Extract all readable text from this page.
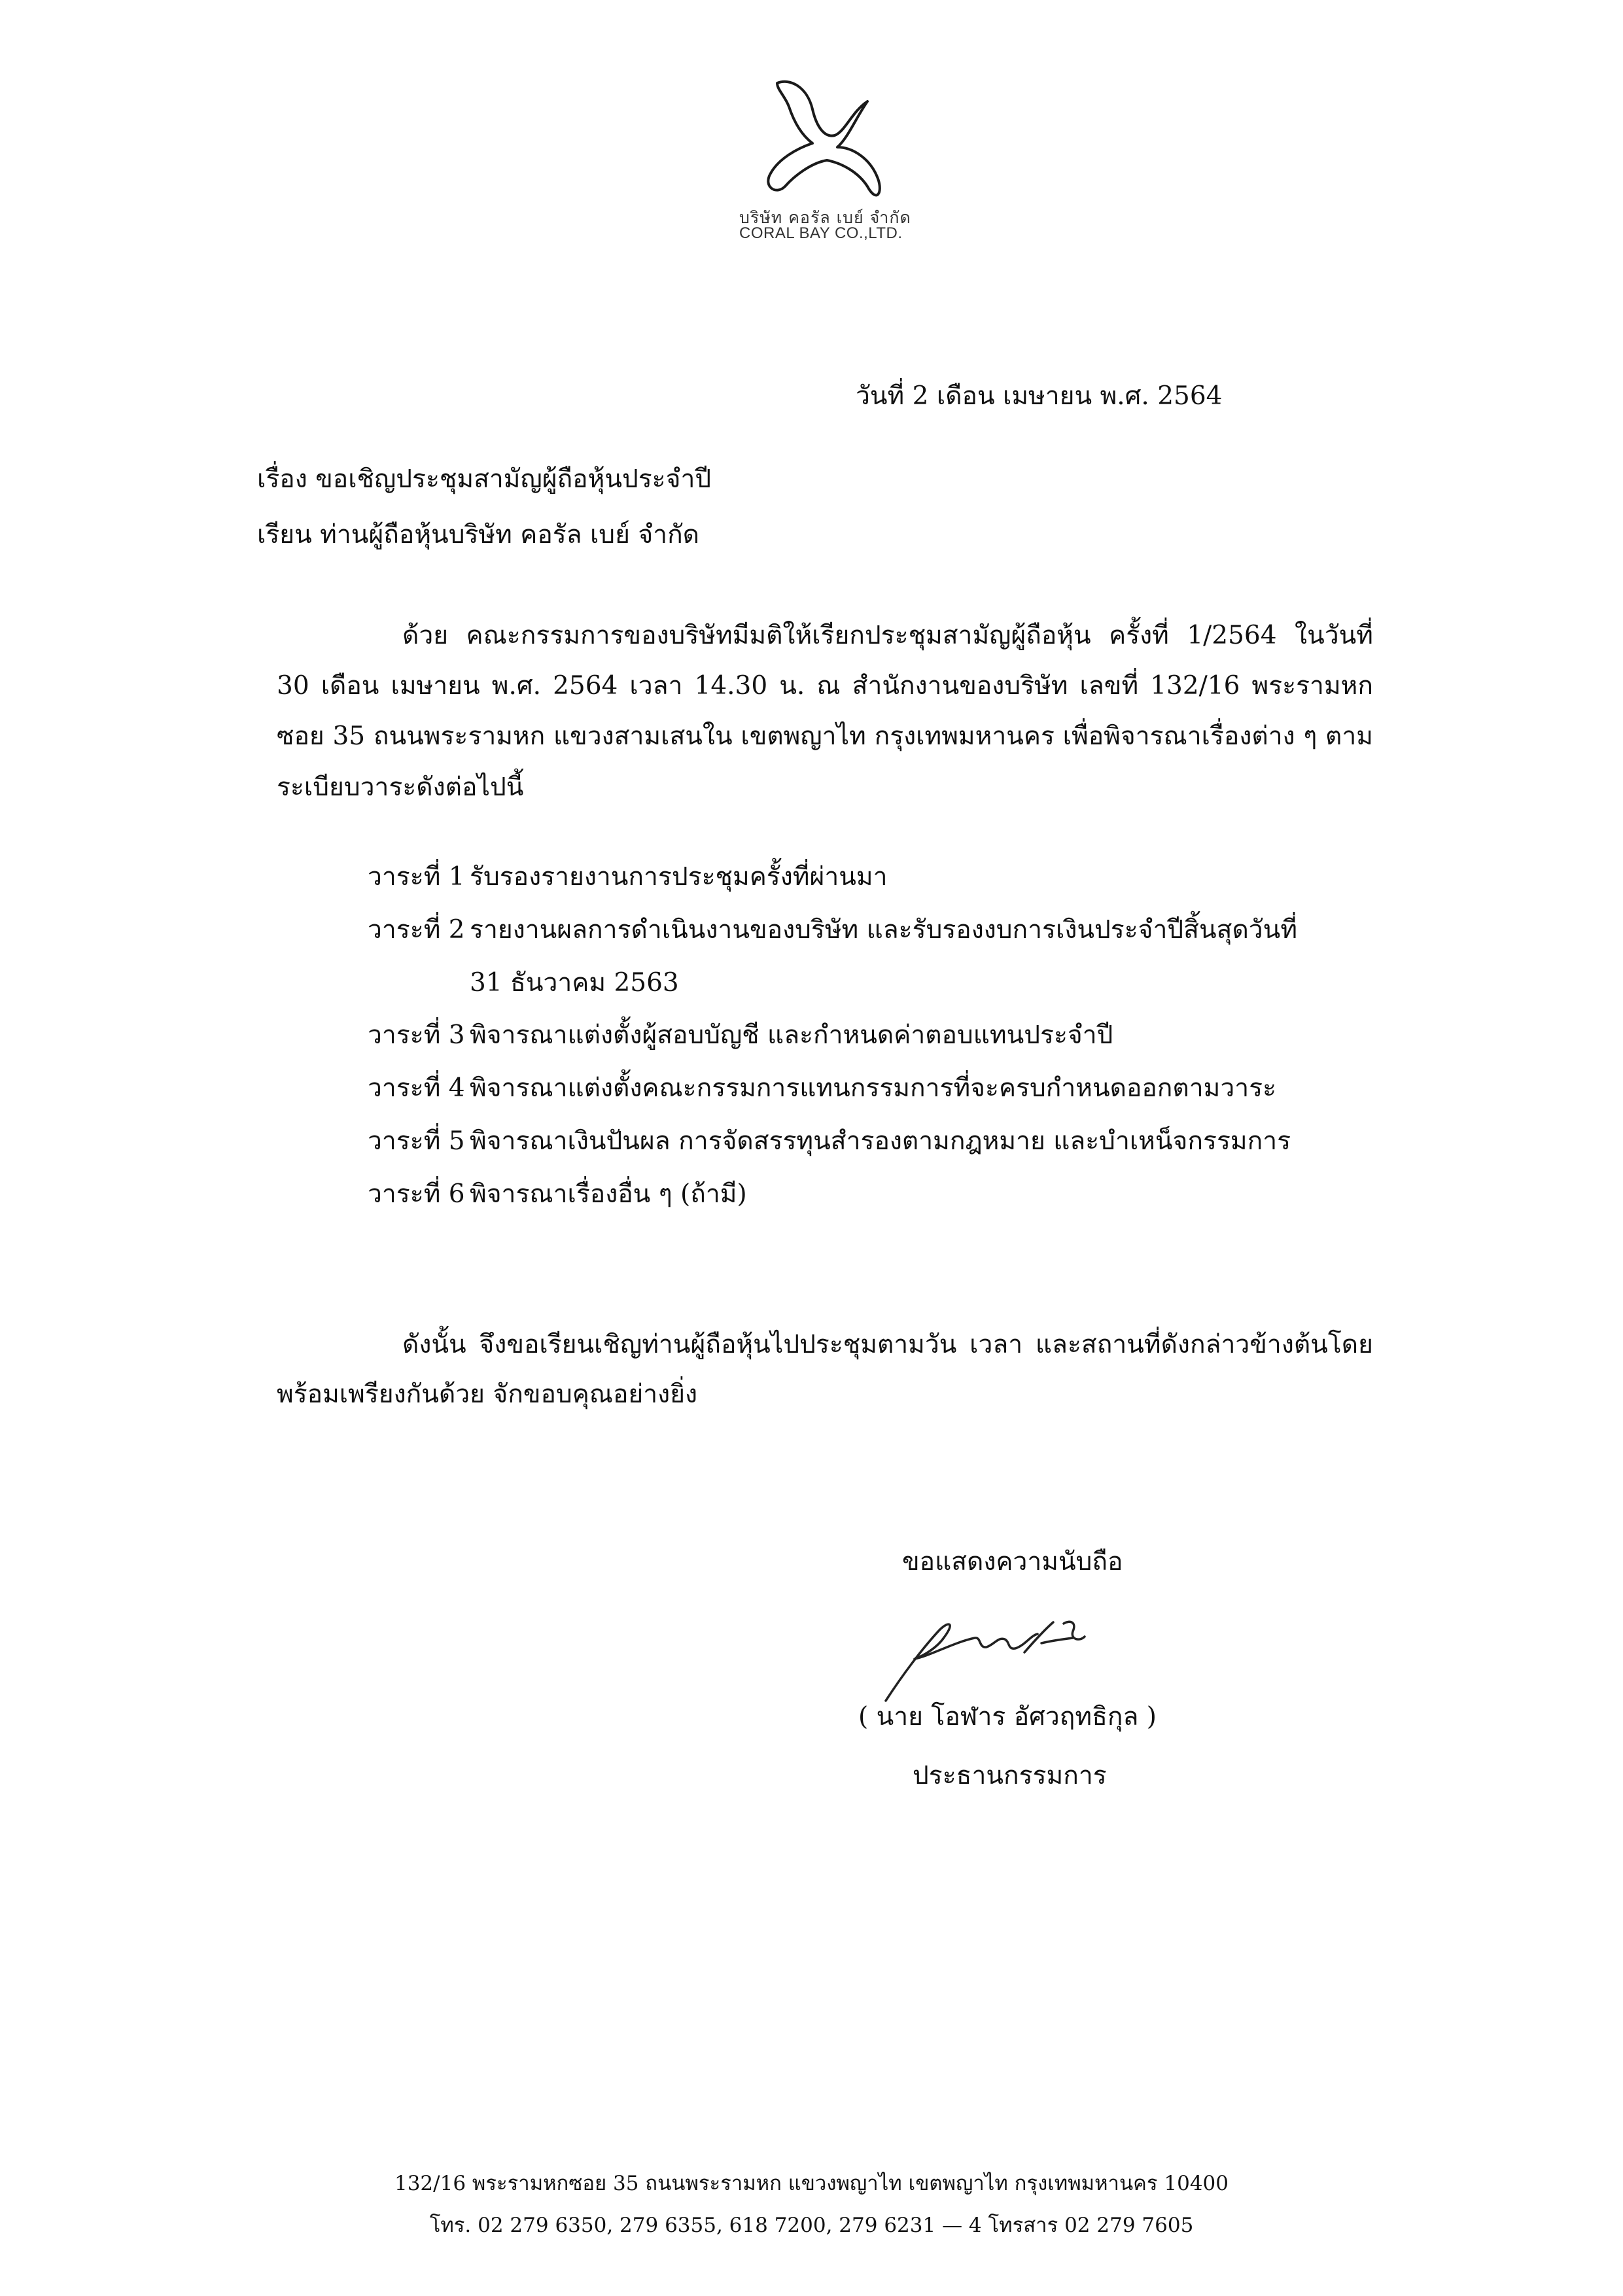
บริษัท คอรัล เบย์ จำกัด
CORAL BAY CO.,LTD.
วันที่ 2 เดือน เมษายน พ.ศ. 2564
เรื่อง ขอเชิญประชุมสามัญผู้ถือหุ้นประจำปี
เรียน ท่านผู้ถือหุ้นบริษัท คอรัล เบย์ จำกัด
ด้วย คณะกรรมการของบริษัทมีมติให้เรียกประชุมสามัญผู้ถือหุ้น ครั้งที่ 1/2564 ในวันที่ 30 เดือน เมษายน พ.ศ. 2564 เวลา 14.30 น. ณ สำนักงานของบริษัท เลขที่ 132/16 พระรามหก ซอย 35 ถนนพระรามหก แขวงสามเสนใน เขตพญาไท กรุงเทพมหานคร เพื่อพิจารณาเรื่องต่าง ๆ ตามระเบียบวาระดังต่อไปนี้
วาระที่ 1 รับรองรายงานการประชุมครั้งที่ผ่านมา
วาระที่ 2 รายงานผลการดำเนินงานของบริษัท และรับรองงบการเงินประจำปีสิ้นสุดวันที่
31 ธันวาคม 2563
วาระที่ 3 พิจารณาแต่งตั้งผู้สอบบัญชี และกำหนดค่าตอบแทนประจำปี
วาระที่ 4 พิจารณาแต่งตั้งคณะกรรมการแทนกรรมการที่จะครบกำหนดออกตามวาระ
วาระที่ 5 พิจารณาเงินปันผล การจัดสรรทุนสำรองตามกฎหมาย และบำเหน็จกรรมการ
วาระที่ 6 พิจารณาเรื่องอื่น ๆ (ถ้ามี)
ดังนั้น จึงขอเรียนเชิญท่านผู้ถือหุ้นไปประชุมตามวัน เวลา และสถานที่ดังกล่าวข้างต้นโดยพร้อมเพรียงกันด้วย จักขอบคุณอย่างยิ่ง
ขอแสดงความนับถือ
( นาย โอฬาร อัศวฤทธิกุล )
ประธานกรรมการ
132/16 พระรามหกซอย 35 ถนนพระรามหก แขวงพญาไท เขตพญาไท กรุงเทพมหานคร 10400
โทร. 02 279 6350, 279 6355, 618 7200, 279 6231 — 4 โทรสาร 02 279 7605
